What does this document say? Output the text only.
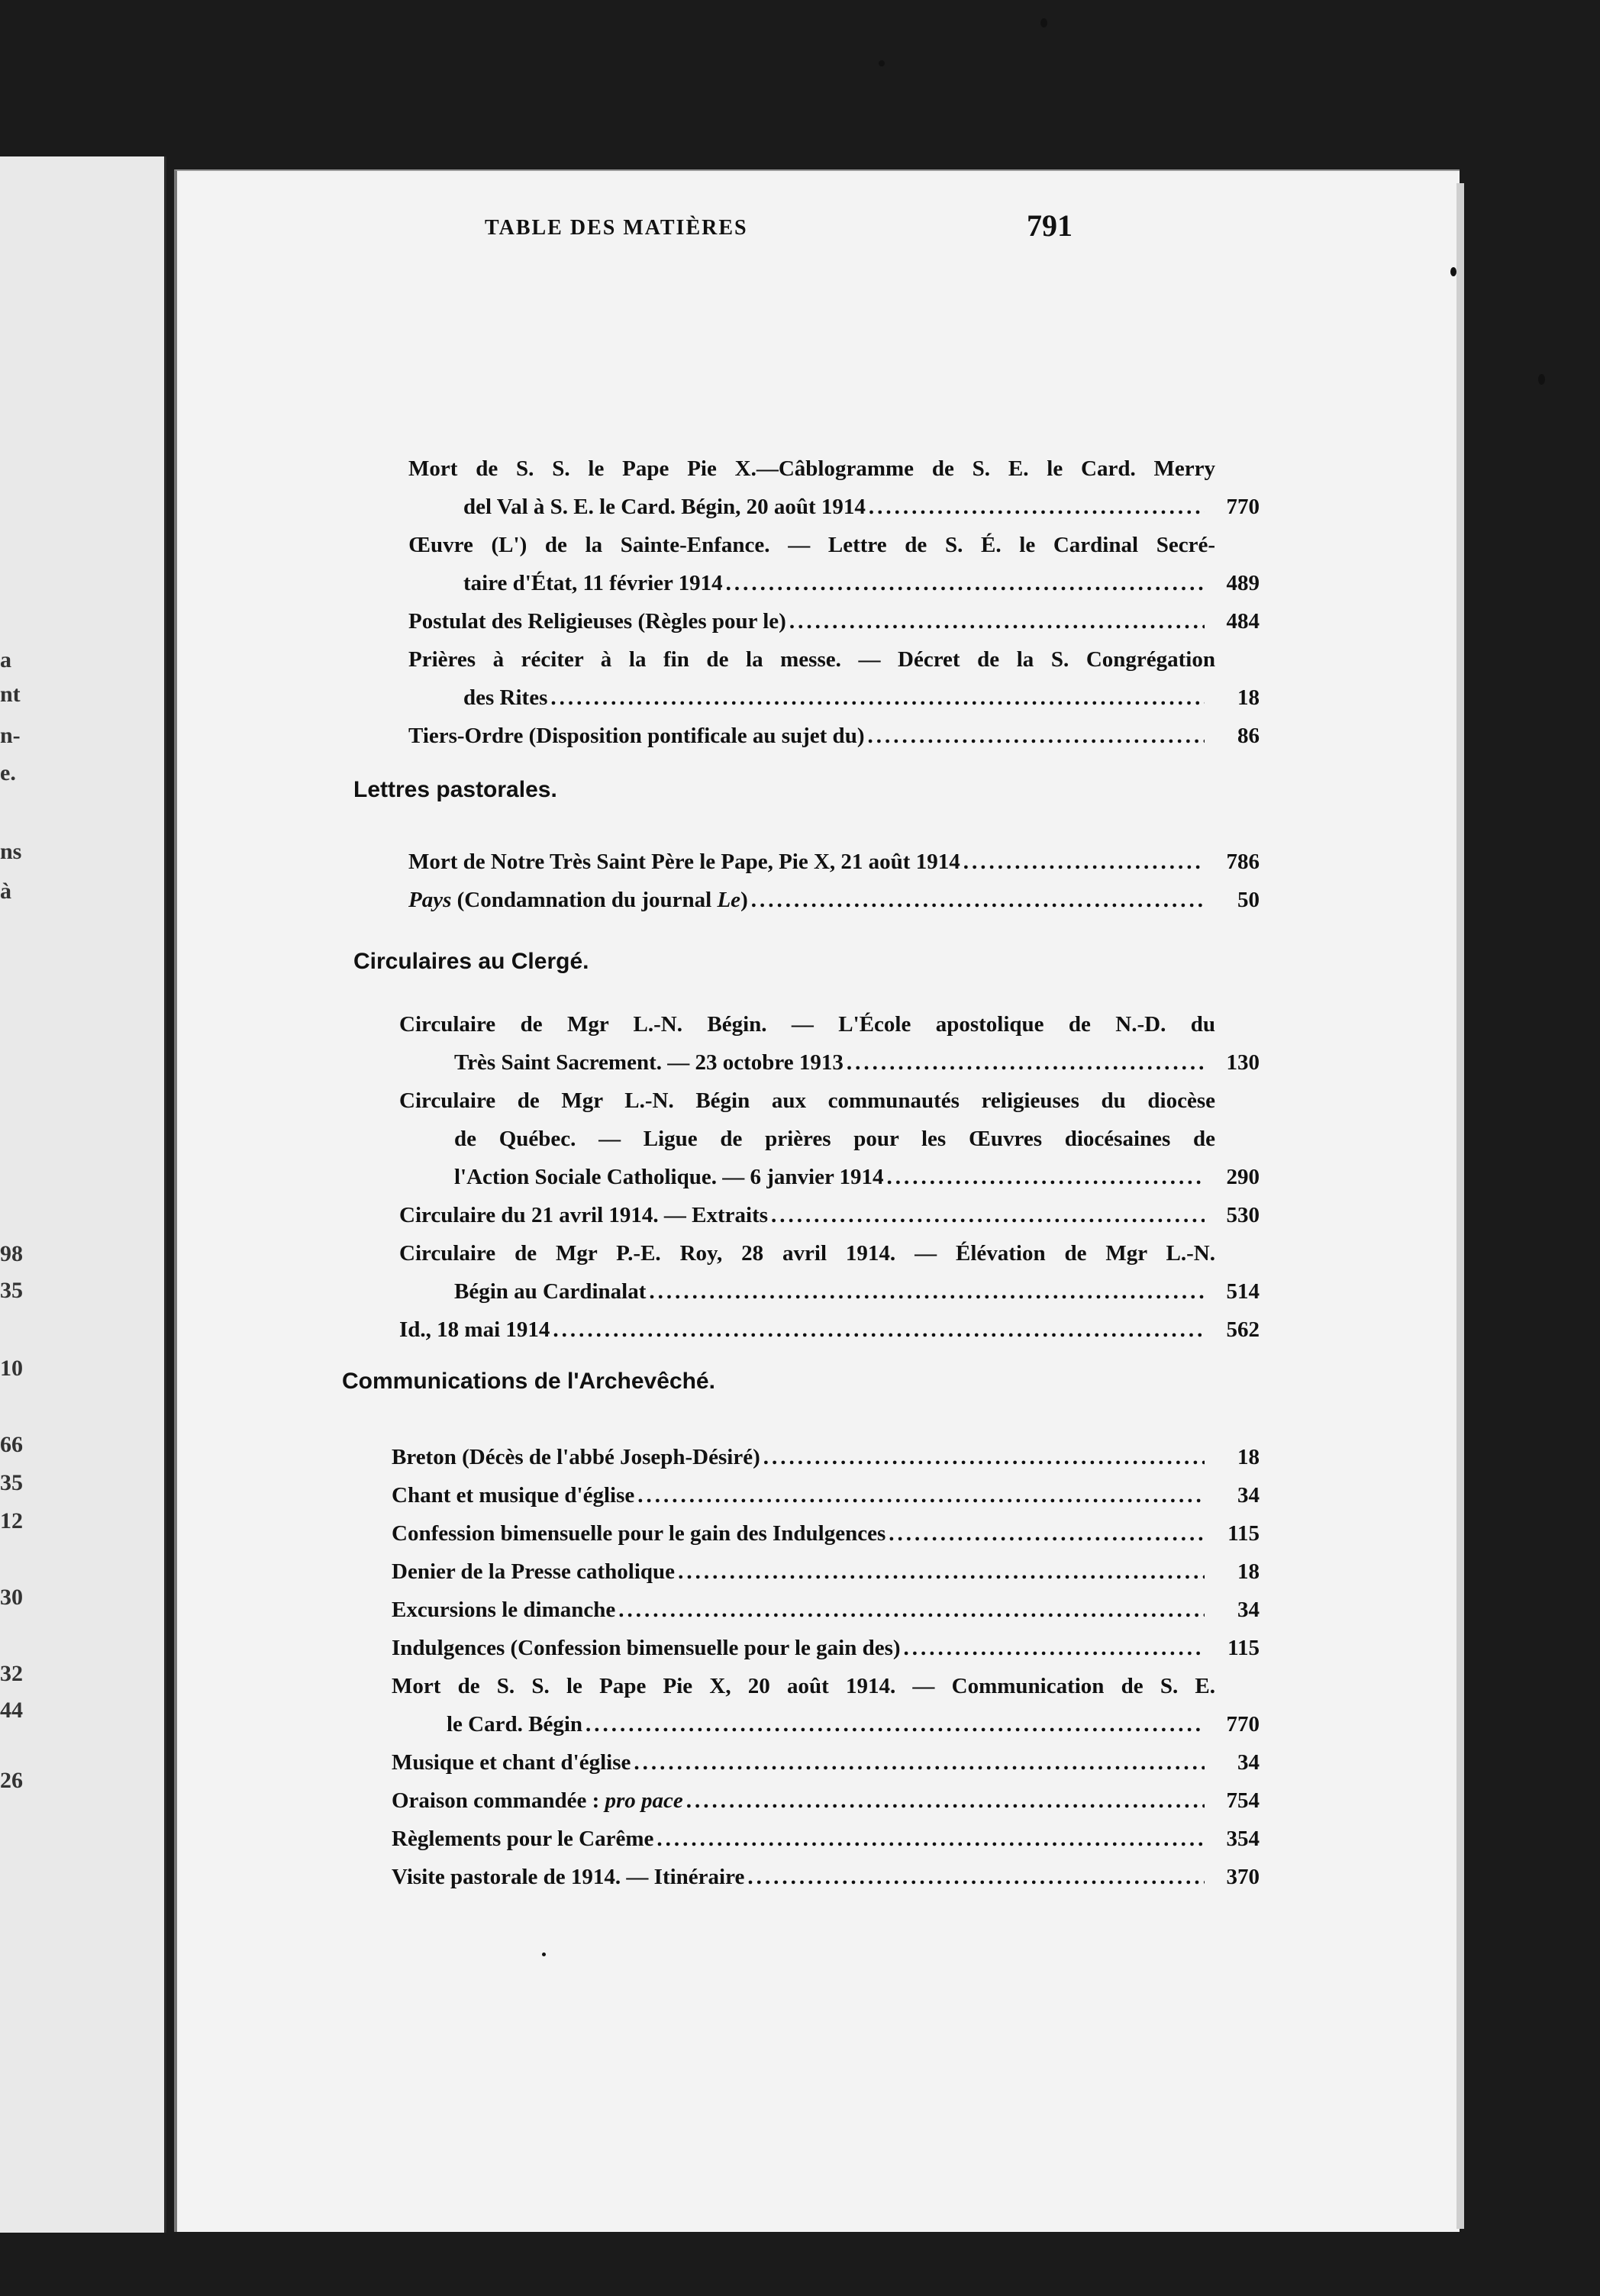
a
nt
n-
e.
ns
à
98
35
10
66
35
12
30
32
44
26
TABLE DES MATIÈRES	791
Mort de S. S. le Pape Pie X.—Câblogramme de S. E. le Card. Merry
770
del Val à S. E. le Card. Bégin, 20 août 1914
.....
Œuvre (L') de la Sainte-Enfance. — Lettre de S. É. le Cardinal Secré-
489
taire d'État, 11 février 1914
.....
484
Postulat des Religieuses (Règles pour le)
.....
Prières à réciter à la fin de la messe. — Décret de la S. Congrégation
18
des Rites
.....
86
Tiers-Ordre (Disposition pontificale au sujet du)
.....
Lettres pastorales.
786
Mort de Notre Très Saint Père le Pape, Pie X, 21 août 1914
.....
50
Pays (Condamnation du journal Le)
.....
Circulaires au Clergé.
Circulaire de Mgr L.-N. Bégin. — L'École apostolique de N.-D. du
130
Très Saint Sacrement. — 23 octobre 1913
.....
Circulaire de Mgr L.-N. Bégin aux communautés religieuses du diocèse
de Québec. — Ligue de prières pour les Œuvres diocésaines de
290
l'Action Sociale Catholique. — 6 janvier 1914
.....
530
Circulaire du 21 avril 1914. — Extraits
.....
Circulaire de Mgr P.-E. Roy, 28 avril 1914. — Élévation de Mgr L.-N.
514
Bégin au Cardinalat
.....
562
Id., 18 mai 1914
.....
Communications de l'Archevêché.
18
Breton (Décès de l'abbé Joseph-Désiré)
.....
34
Chant et musique d'église
.....
115
Confession bimensuelle pour le gain des Indulgences
.....
18
Denier de la Presse catholique
.....
34
Excursions le dimanche
.....
115
Indulgences (Confession bimensuelle pour le gain des)
.....
Mort de S. S. le Pape Pie X, 20 août 1914. — Communication de S. E.
770
le Card. Bégin
.....
34
Musique et chant d'église
.....
754
Oraison commandée : pro pace
.....
354
Règlements pour le Carême
.....
370
Visite pastorale de 1914. — Itinéraire
.....
